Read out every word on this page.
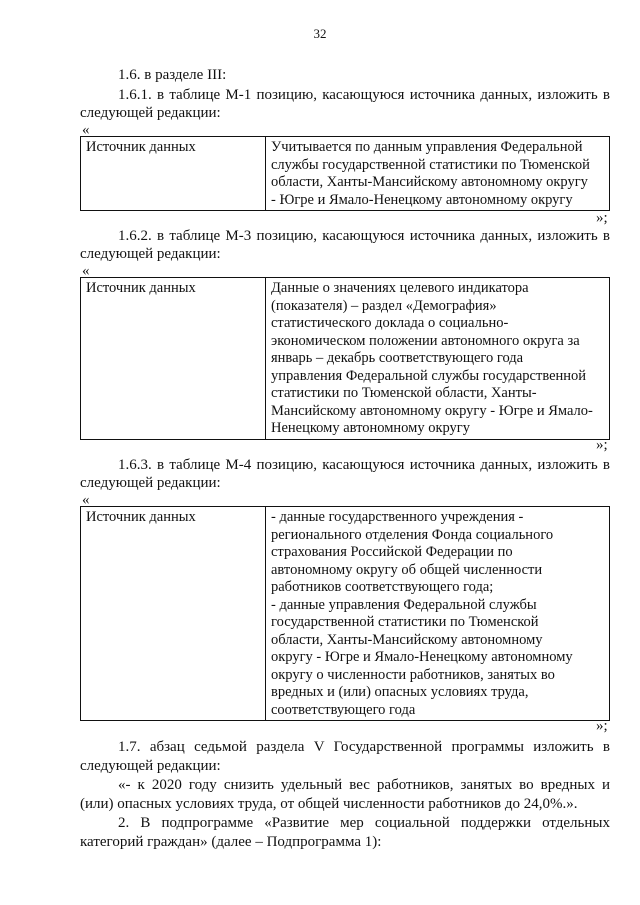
32
1.6. в разделе III:
1.6.1. в таблице М-1 позицию, касающуюся источника данных, изложить в
следующей редакции:
«
Источник данных	Учитывается по данным управления Федеральной
службы государственной статистики по Тюменской
области, Ханты-Мансийскому автономному округу
- Югре и Ямало-Ненецкому автономному округу
»;
1.6.2. в таблице М-3 позицию, касающуюся источника данных, изложить в
следующей редакции:
«
Источник данных	Данные о значениях целевого индикатора
(показателя) – раздел «Демография»
статистического доклада о социально-
экономическом положении автономного округа за
январь – декабрь соответствующего года
управления Федеральной службы государственной
статистики по Тюменской области, Ханты-
Мансийскому автономному округу - Югре и Ямало-
Ненецкому автономному округу
»;
1.6.3. в таблице М-4 позицию, касающуюся источника данных, изложить в
следующей редакции:
«
Источник данных	- данные государственного учреждения -
регионального отделения Фонда социального
страхования Российской Федерации по
автономному округу об общей численности
работников соответствующего года;
- данные управления Федеральной службы
государственной статистики по Тюменской
области, Ханты-Мансийскому автономному
округу - Югре и Ямало-Ненецкому автономному
округу о численности работников, занятых во
вредных и (или) опасных условиях труда,
соответствующего года
»;
1.7. абзац седьмой раздела V Государственной программы изложить в
следующей редакции:
«- к 2020 году снизить удельный вес работников, занятых во вредных и
(или) опасных условиях труда, от общей численности работников до 24,0%.».
2. В подпрограмме «Развитие мер социальной поддержки отдельных
категорий граждан» (далее – Подпрограмма 1):
